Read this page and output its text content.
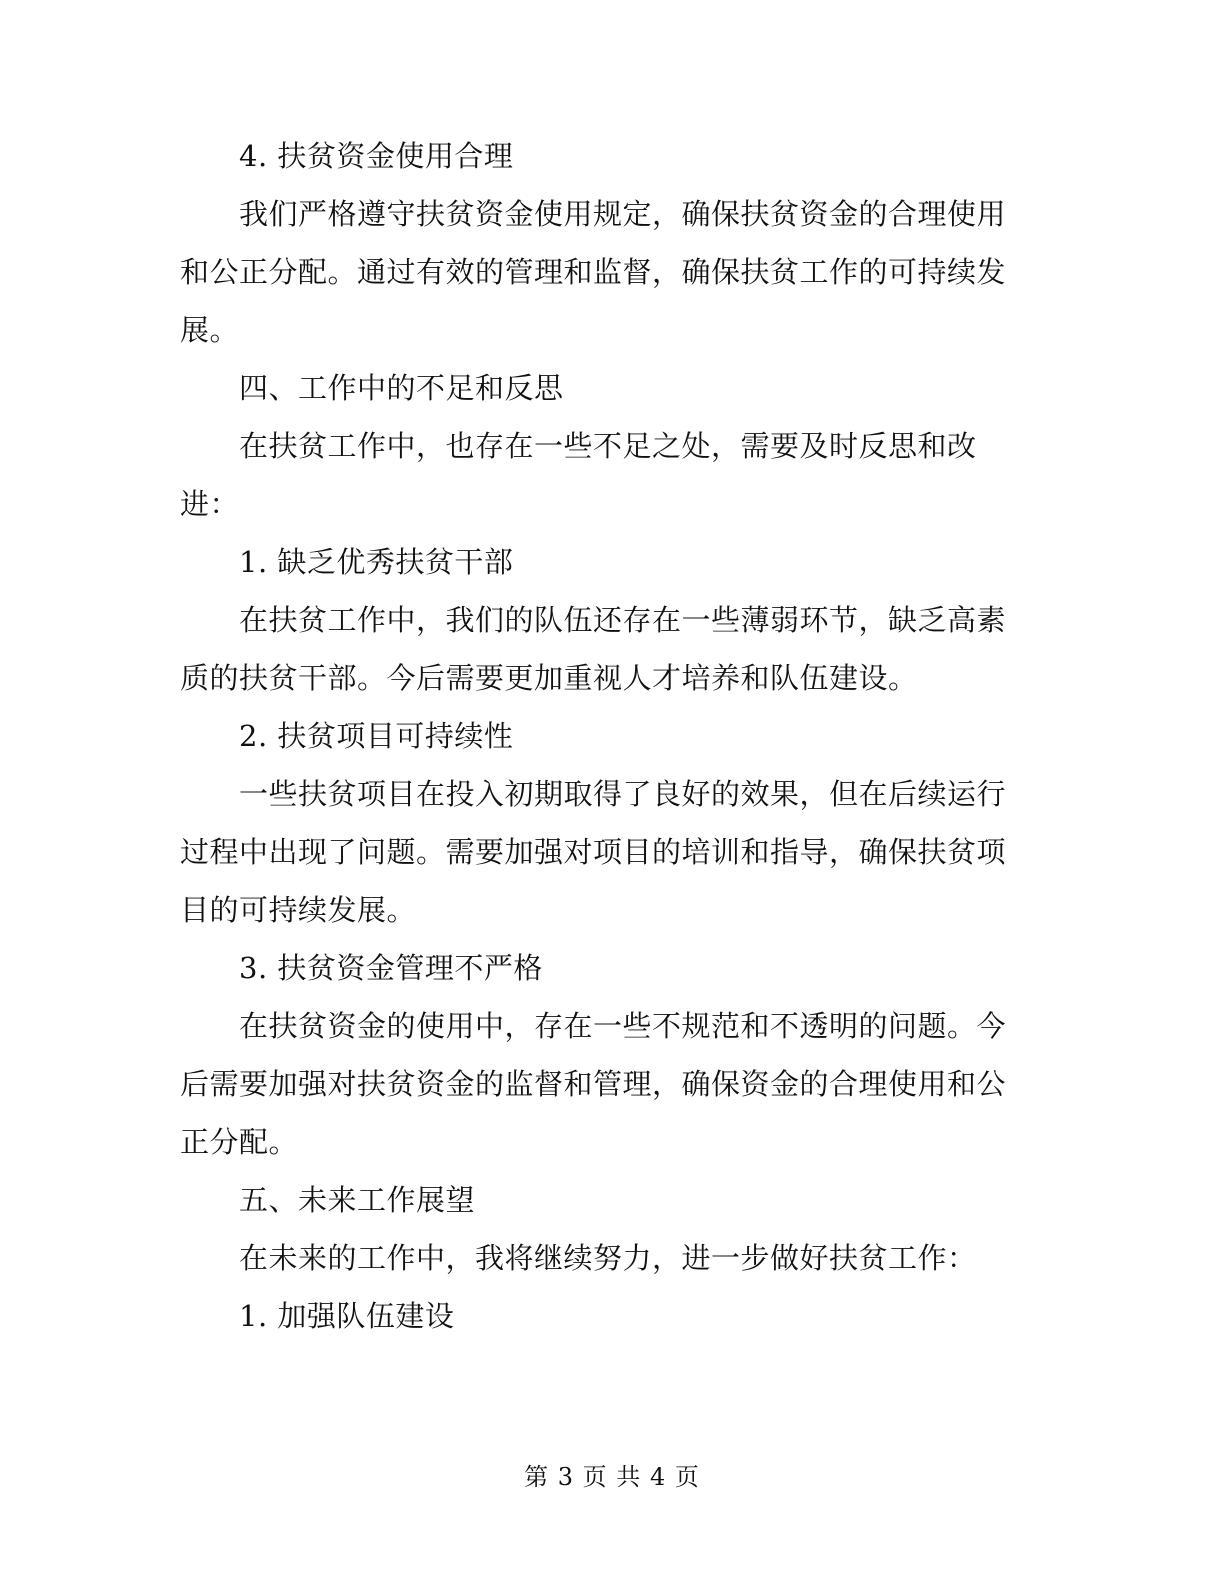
4. 扶贫资金使用合理
我们严格遵守扶贫资金使用规定，确保扶贫资金的合理使用
和公正分配。通过有效的管理和监督，确保扶贫工作的可持续发
展。
四、工作中的不足和反思
在扶贫工作中，也存在一些不足之处，需要及时反思和改
进：
1. 缺乏优秀扶贫干部
在扶贫工作中，我们的队伍还存在一些薄弱环节，缺乏高素
质的扶贫干部。今后需要更加重视人才培养和队伍建设。
2. 扶贫项目可持续性
一些扶贫项目在投入初期取得了良好的效果，但在后续运行
过程中出现了问题。需要加强对项目的培训和指导，确保扶贫项
目的可持续发展。
3. 扶贫资金管理不严格
在扶贫资金的使用中，存在一些不规范和不透明的问题。今
后需要加强对扶贫资金的监督和管理，确保资金的合理使用和公
正分配。
五、未来工作展望
在未来的工作中，我将继续努力，进一步做好扶贫工作：
1. 加强队伍建设
第 3 页 共 4 页
